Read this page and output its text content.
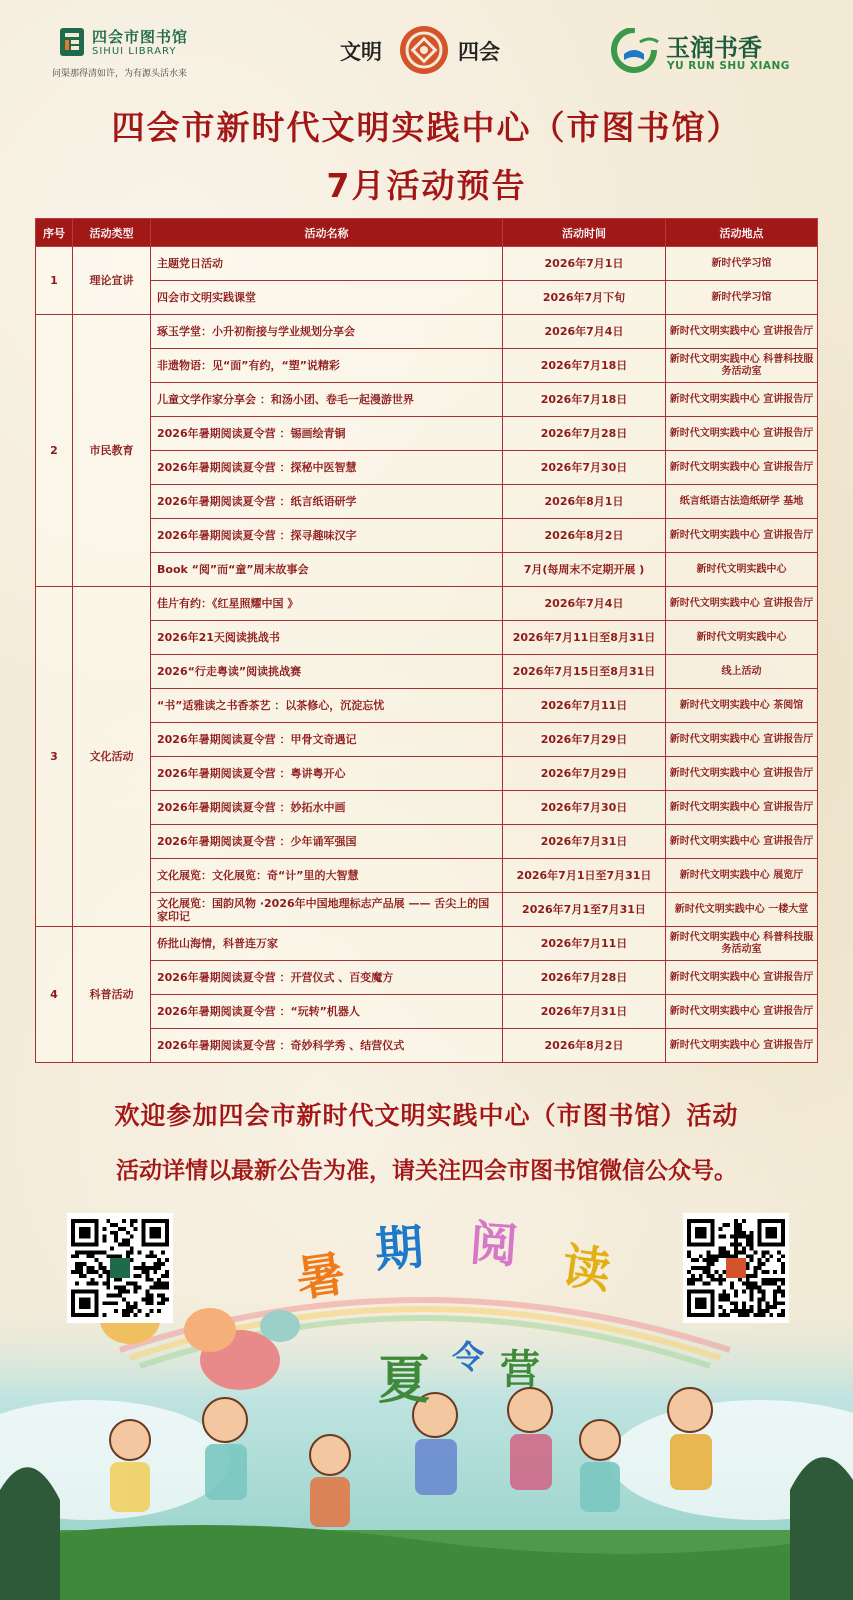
四会市图书馆
SIHUI LIBRARY
问渠那得清如许，为有源头活水来
文明	四会	玉润书香
YU RUN SHU XIANG
四会市新时代文明实践中心（市图书馆）
7月活动预告
序号	活动类型	活动名称	活动时间	活动地点
1	理论宣讲	主题党日活动	2026年7月1日	新时代学习馆
		四会市文明实践课堂	2026年7月下旬	新时代学习馆
2	市民教育	琢玉学堂：小升初衔接与学业规划分享会	2026年7月4日	新时代文明实践中心 宣讲报告厅
		非遗物语：见“面”有约，“塑”说精彩	2026年7月18日	新时代文明实践中心 科普科技服务活动室
		儿童文学作家分享会 ：和汤小团、卷毛一起漫游世界	2026年7月18日	新时代文明实践中心 宣讲报告厅
		2026年暑期阅读夏令营 ：锡画绘青铜	2026年7月28日	新时代文明实践中心 宣讲报告厅
		2026年暑期阅读夏令营 ：探秘中医智慧	2026年7月30日	新时代文明实践中心 宣讲报告厅
		2026年暑期阅读夏令营 ：纸言纸语研学	2026年8月1日	纸言纸语古法造纸研学 基地
		2026年暑期阅读夏令营 ：探寻趣味汉字	2026年8月2日	新时代文明实践中心 宣讲报告厅
		Book “阅”而“童”周末故事会	7月(每周末不定期开展 )	新时代文明实践中心
3	文化活动	佳片有约：《红星照耀中国 》	2026年7月4日	新时代文明实践中心 宣讲报告厅
		2026年21天阅读挑战书	2026年7月11日至8月31日	新时代文明实践中心
		2026“行走粤读”阅读挑战赛	2026年7月15日至8月31日	线上活动
		“书”适雅读之书香茶艺 ：以茶修心，沉淀忘忧	2026年7月11日	新时代文明实践中心 茶阅馆
		2026年暑期阅读夏令营 ：甲骨文奇遇记	2026年7月29日	新时代文明实践中心 宣讲报告厅
		2026年暑期阅读夏令营 ：粤讲粤开心	2026年7月29日	新时代文明实践中心 宣讲报告厅
		2026年暑期阅读夏令营 ：妙拓水中画	2026年7月30日	新时代文明实践中心 宣讲报告厅
		2026年暑期阅读夏令营 ：少年诵军强国	2026年7月31日	新时代文明实践中心 宣讲报告厅
		文化展览：文化展览：奇“计”里的大智慧	2026年7月1日至7月31日	新时代文明实践中心 展览厅
		文化展览：国韵风物 ·2026年中国地理标志产品展 —— 舌尖上的国家印记	2026年7月1至7月31日	新时代文明实践中心 一楼大堂
4	科普活动	侨批山海情，科普连万家	2026年7月11日	新时代文明实践中心 科普科技服务活动室
		2026年暑期阅读夏令营 ：开营仪式 、百变魔方	2026年7月28日	新时代文明实践中心 宣讲报告厅
		2026年暑期阅读夏令营 ：“玩转”机器人	2026年7月31日	新时代文明实践中心 宣讲报告厅
		2026年暑期阅读夏令营 ：奇妙科学秀 、结营仪式	2026年8月2日	新时代文明实践中心 宣讲报告厅
欢迎参加四会市新时代文明实践中心（市图书馆）活动
活动详情以最新公告为准，请关注四会市图书馆微信公众号。
暑 期 阅 读
夏 令 营
